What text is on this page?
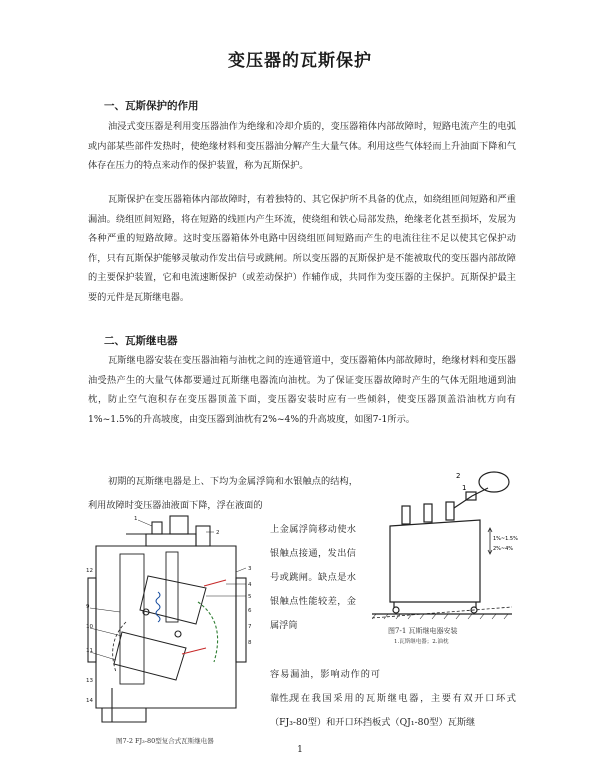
变压器的瓦斯保护
一、瓦斯保护的作用

油浸式变压器是利用变压器油作为绝缘和冷却介质的，变压器箱体内部故障时，短路电流产生的电弧或内部某些部件发热时，使绝缘材料和变压器油分解产生大量气体。利用这些气体轻而上升油面下降和气体存在压力的特点来动作的保护装置，称为瓦斯保护。

瓦斯保护在变压器箱体内部故障时，有着独特的、其它保护所不具备的优点，如绕组匝间短路和严重漏油。绕组匝间短路，将在短路的线匝内产生环流，使绕组和铁心局部发热，绝缘老化甚至损坏，发展为各种严重的短路故障。这时变压器箱体外电路中因绕组匝间短路而产生的电流往往不足以使其它保护动作，只有瓦斯保护能够灵敏动作发出信号或跳闸。所以变压器的瓦斯保护是不能被取代的变压器内部故障的主要保护装置，它和电流速断保护（或差动保护）作辅作成，共同作为变压器的主保护。瓦斯保护最主要的元件是瓦斯继电器。

二、瓦斯继电器

瓦斯继电器安装在变压器油箱与油枕之间的连通管道中，变压器箱体内部故障时，绝缘材料和变压器油受热产生的大量气体都要通过瓦斯继电器流向油枕。为了保证变压器故障时产生的气体无阻地通到油枕，防止空气泡积存在变压器顶盖下面，变压器安装时应有一些倾斜，使变压器顶盖沿油枕方向有1%~1.5%的升高坡度，由变压器到油枕有2%~4%的升高坡度，如图7-1所示。

初期的瓦斯继电器是上、下均为金属浮筒和水银触点的结构，利用故障时变压器油液面下降，浮在液面的

上金属浮筒移动使水银触点接通，发出信号或跳闸。缺点是水银触点性能较差，金属浮筒

容易漏油，影响动作的可靠性。

现在我国采用的瓦斯继电器，主要有双开口环式（FJ₃-80型）和开口环挡板式（QJ₁-80型）瓦斯继

2
1
1%~1.5%
2%~4%
图7-1 瓦斯继电器安装
1.瓦斯继电器；2.油枕
1
2
3
4
5
6
7
8
9
10
11
12
13
14
图7-2 FJ₃-80型复合式瓦斯继电器
1
